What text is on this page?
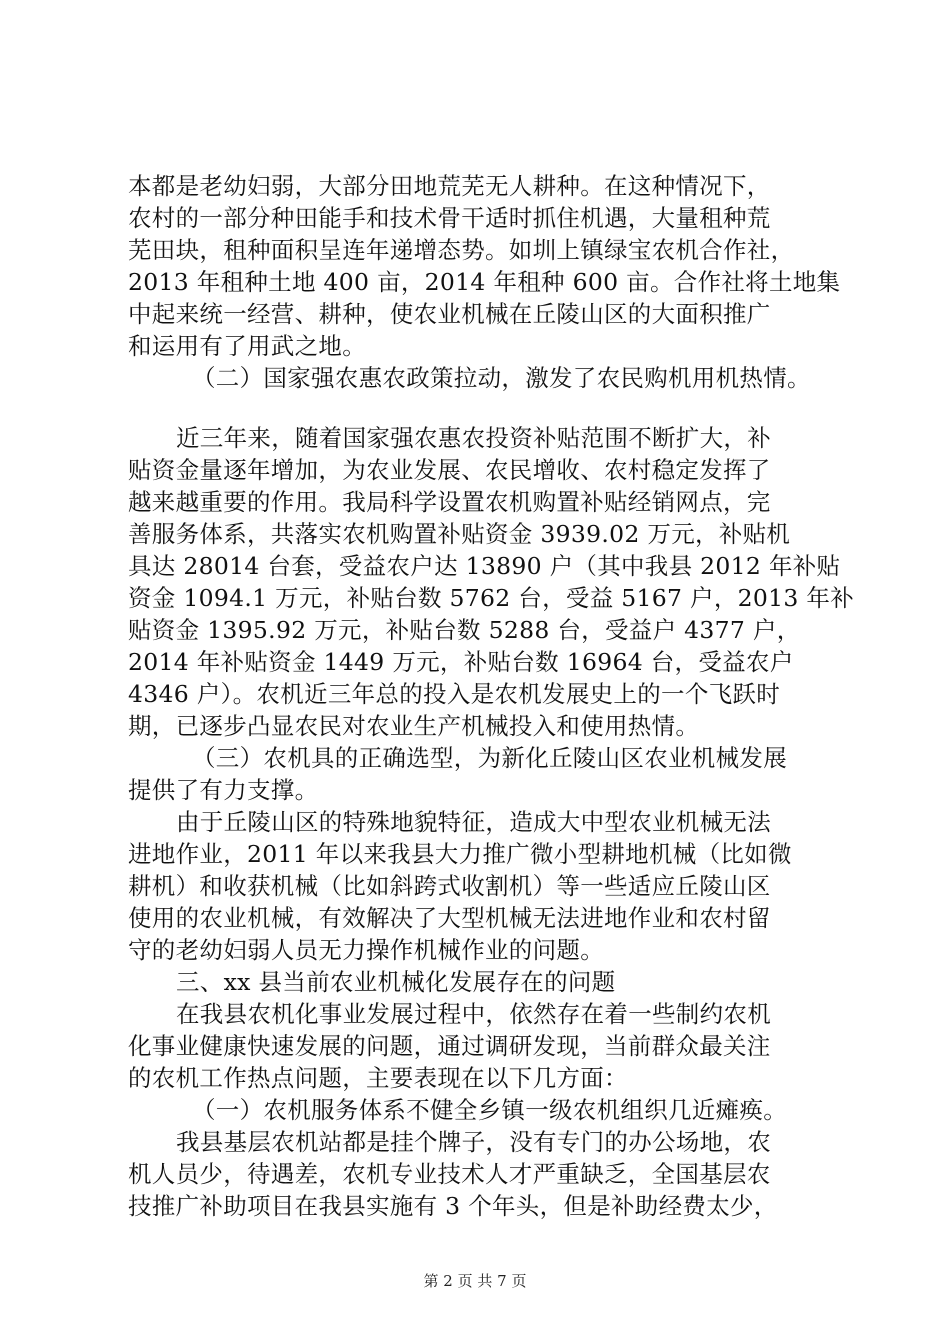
本都是老幼妇弱，大部分田地荒芜无人耕种。在这种情况下，
农村的一部分种田能手和技术骨干适时抓住机遇，大量租种荒
芜田块，租种面积呈连年递增态势。如圳上镇绿宝农机合作社，
2013 年租种土地 400 亩，2014 年租种 600 亩。合作社将土地集
中起来统一经营、耕种，使农业机械在丘陵山区的大面积推广
和运用有了用武之地。
（二）国家强农惠农政策拉动，激发了农民购机用机热情。
近三年来，随着国家强农惠农投资补贴范围不断扩大，补
贴资金量逐年增加，为农业发展、农民增收、农村稳定发挥了
越来越重要的作用。我局科学设置农机购置补贴经销网点，完
善服务体系，共落实农机购置补贴资金 3939.02 万元，补贴机
具达 28014 台套，受益农户达 13890 户（其中我县 2012 年补贴
资金 1094.1 万元，补贴台数 5762 台，受益 5167 户，2013 年补
贴资金 1395.92 万元，补贴台数 5288 台，受益户 4377 户，
2014 年补贴资金 1449 万元，补贴台数 16964 台，受益农户
4346 户）。农机近三年总的投入是农机发展史上的一个飞跃时
期，已逐步凸显农民对农业生产机械投入和使用热情。
（三）农机具的正确选型，为新化丘陵山区农业机械发展
提供了有力支撑。
由于丘陵山区的特殊地貌特征，造成大中型农业机械无法
进地作业，2011 年以来我县大力推广微小型耕地机械（比如微
耕机）和收获机械（比如斜跨式收割机）等一些适应丘陵山区
使用的农业机械，有效解决了大型机械无法进地作业和农村留
守的老幼妇弱人员无力操作机械作业的问题。
三、xx 县当前农业机械化发展存在的问题
在我县农机化事业发展过程中，依然存在着一些制约农机
化事业健康快速发展的问题，通过调研发现，当前群众最关注
的农机工作热点问题，主要表现在以下几方面：
（一）农机服务体系不健全乡镇一级农机组织几近瘫痪。
我县基层农机站都是挂个牌子，没有专门的办公场地，农
机人员少，待遇差，农机专业技术人才严重缺乏，全国基层农
技推广补助项目在我县实施有 3 个年头，但是补助经费太少，
第 2 页 共 7 页
